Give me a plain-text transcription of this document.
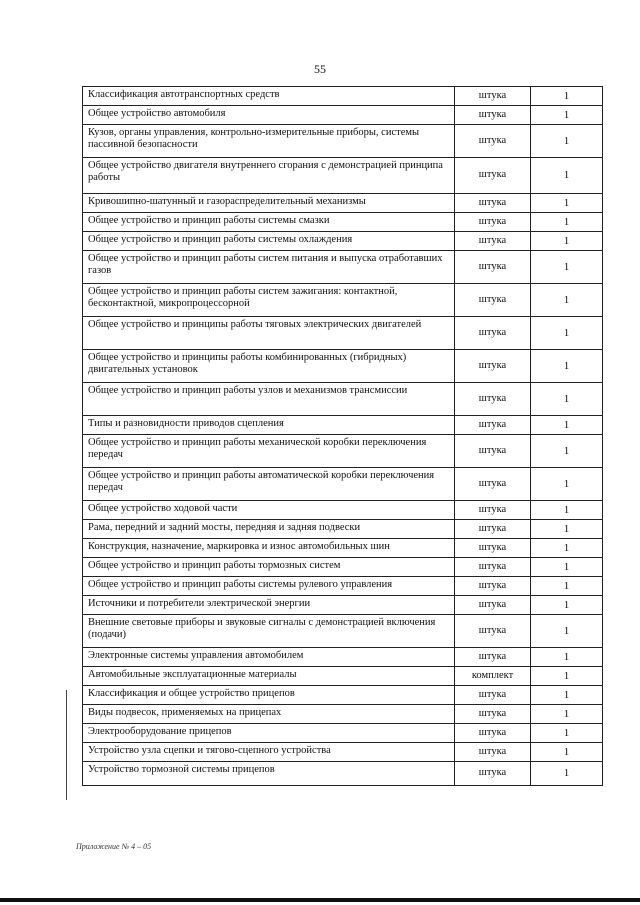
55
Классификация автотранспортных средств	штука	1
Общее устройство автомобиля	штука	1
Кузов, органы управления, контрольно-измерительные приборы, системы пассивной безопасности	штука	1
Общее устройство двигателя внутреннего сгорания с демонстрацией принципа работы	штука	1
Кривошипно-шатунный и газораспределительный механизмы	штука	1
Общее устройство и принцип работы системы смазки	штука	1
Общее устройство и принцип работы системы охлаждения	штука	1
Общее устройство и принцип работы систем питания и выпуска отработавших газов	штука	1
Общее устройство и принцип работы систем зажигания: контактной, бесконтактной, микропроцессорной	штука	1
Общее устройство и принципы работы тяговых электрических двигателей	штука	1
Общее устройство и принципы работы комбинированных (гибридных) двигательных установок	штука	1
Общее устройство и принцип работы узлов и механизмов трансмиссии	штука	1
Типы и разновидности приводов сцепления	штука	1
Общее устройство и принцип работы механической коробки переключения передач	штука	1
Общее устройство и принцип работы автоматической коробки переключения передач	штука	1
Общее устройство ходовой части	штука	1
Рама, передний и задний мосты, передняя и задняя подвески	штука	1
Конструкция, назначение, маркировка и износ автомобильных шин	штука	1
Общее устройство и принцип работы тормозных систем	штука	1
Общее устройство и принцип работы системы рулевого управления	штука	1
Источники и потребители электрической энергии	штука	1
Внешние световые приборы и звуковые сигналы с демонстрацией включения (подачи)	штука	1
Электронные системы управления автомобилем	штука	1
Автомобильные эксплуатационные материалы	комплект	1
Классификация и общее устройство прицепов	штука	1
Виды подвесок, применяемых на прицепах	штука	1
Электрооборудование прицепов	штука	1
Устройство узла сцепки и тягово-сцепного устройства	штука	1
Устройство тормозной системы прицепов	штука	1
Приложение № 4 – 05
